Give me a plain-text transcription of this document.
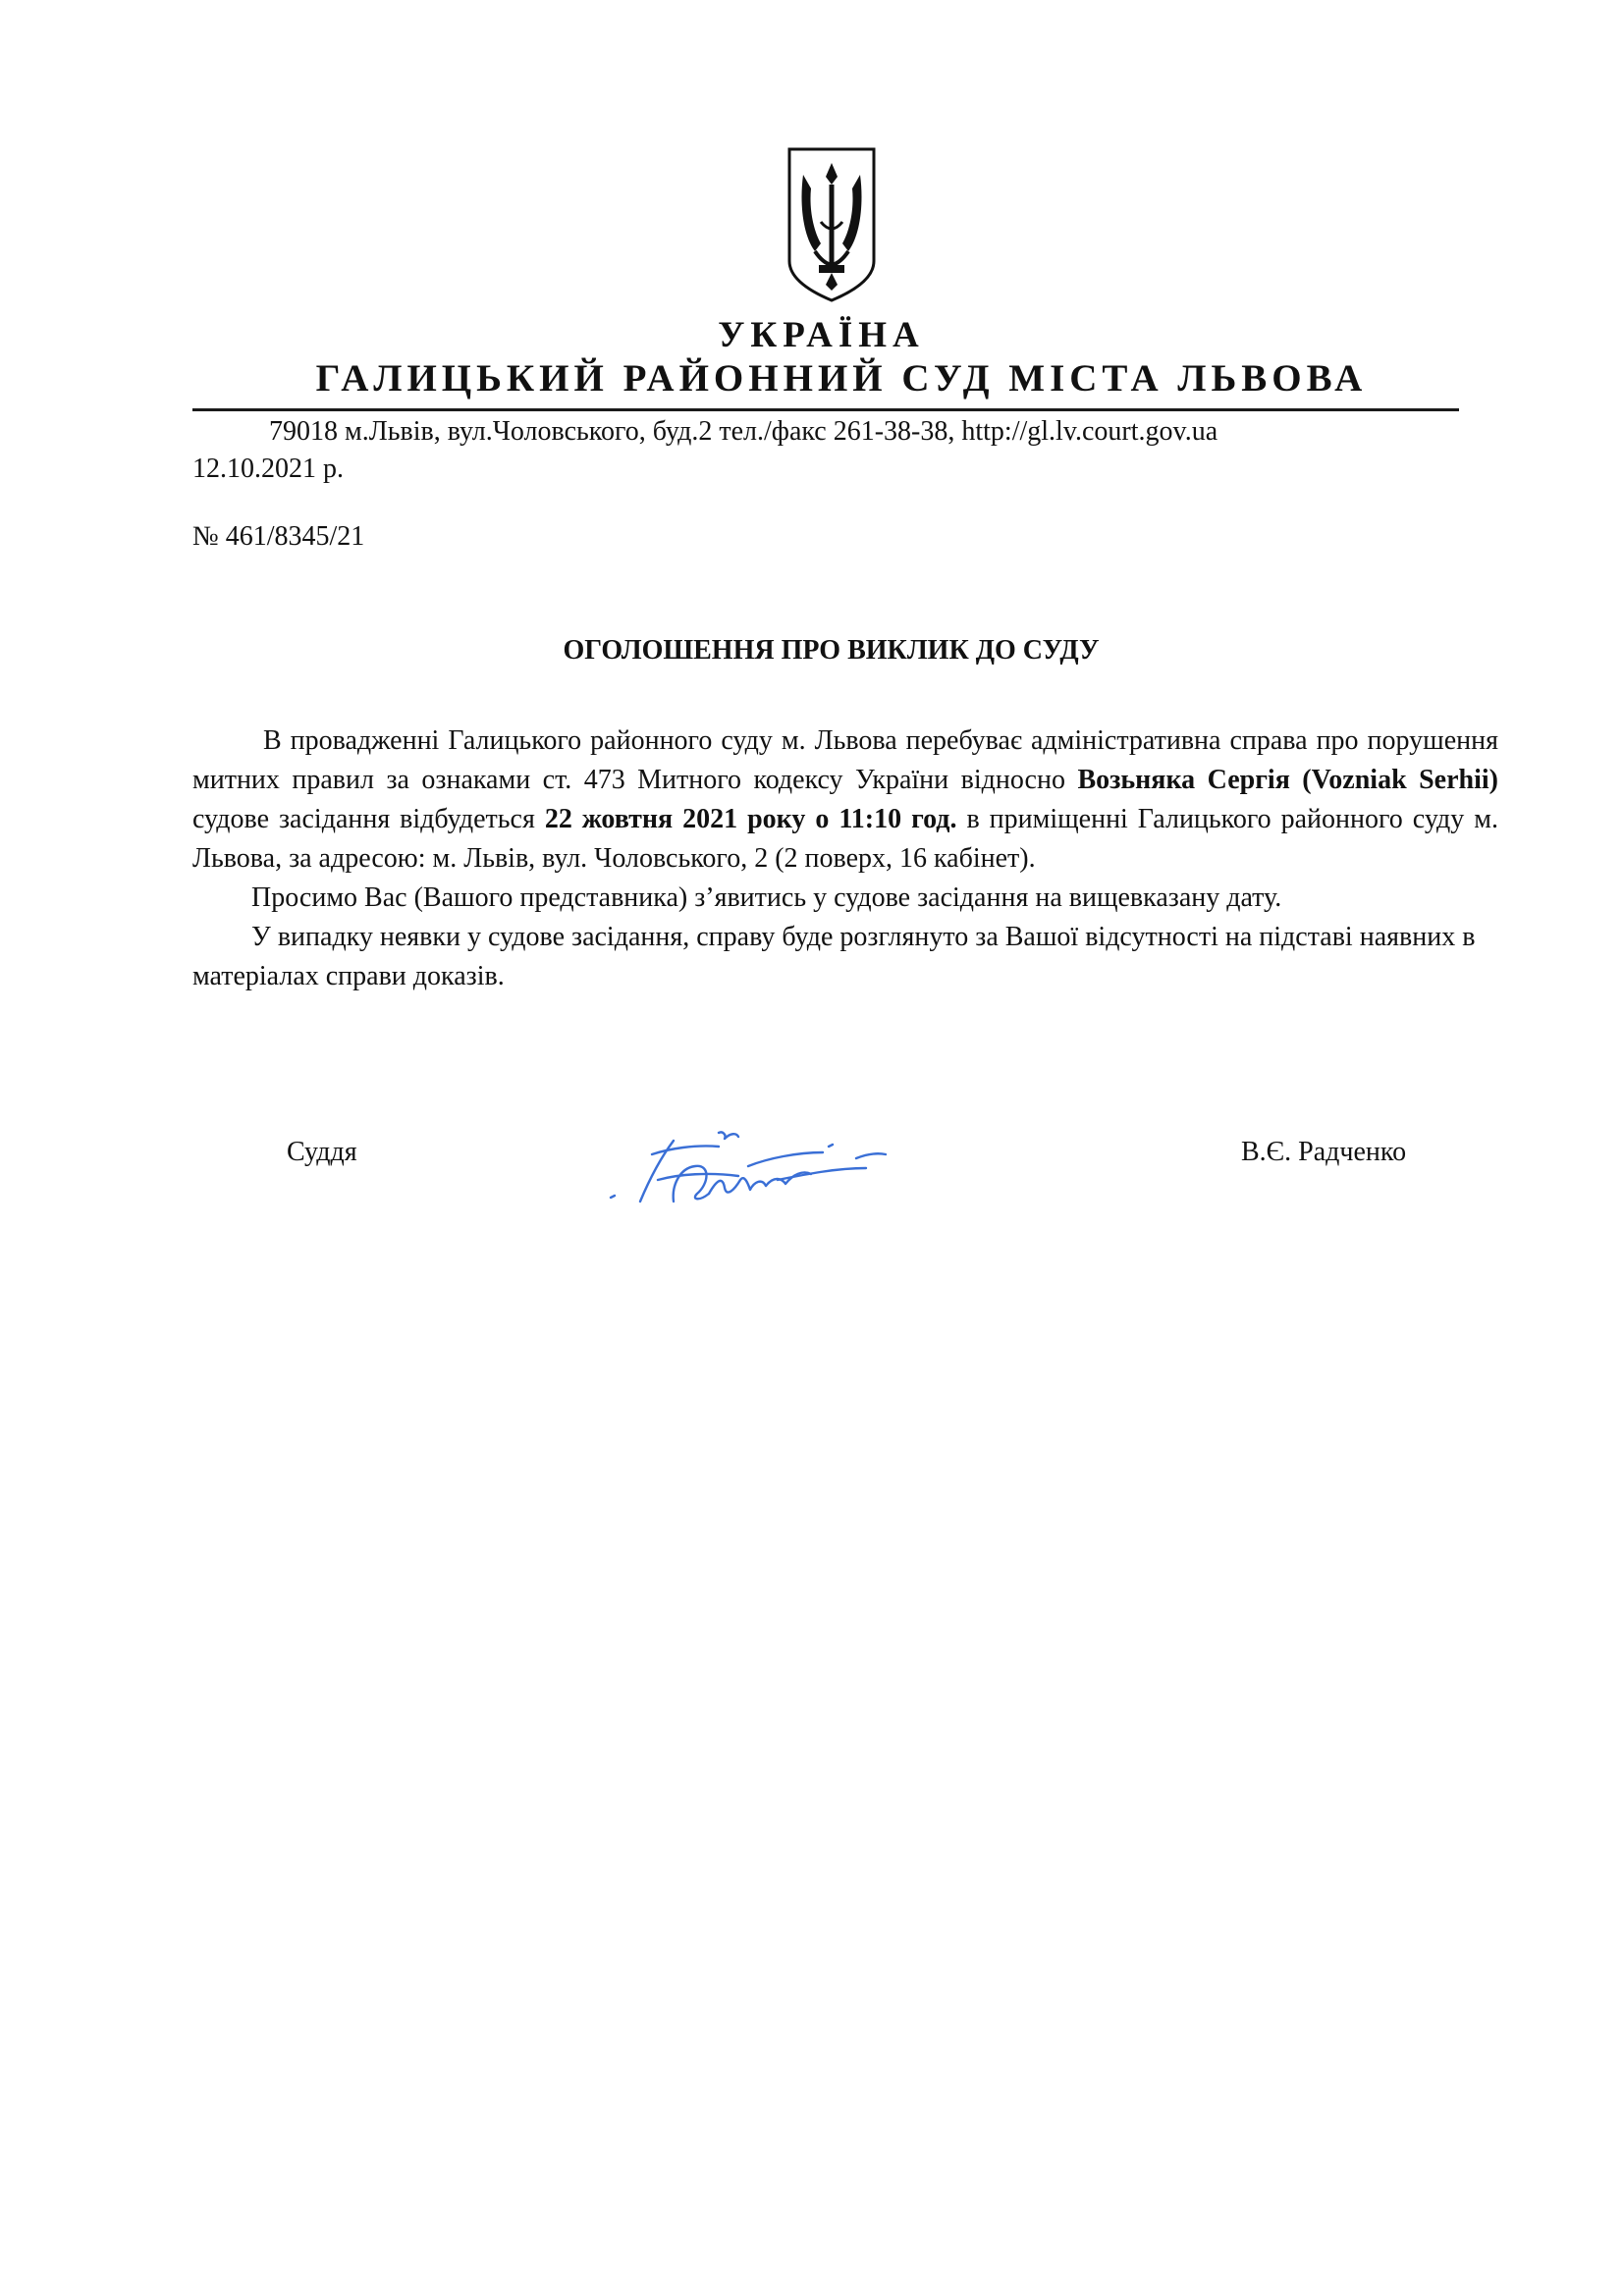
УКРАЇНА
ГАЛИЦЬКИЙ РАЙОННИЙ СУД МІСТА ЛЬВОВА
79018 м.Львів, вул.Чоловського, буд.2 тел./факс 261-38-38, http://gl.lv.court.gov.ua
12.10.2021 р.
№ 461/8345/21
ОГОЛОШЕННЯ ПРО ВИКЛИК ДО СУДУ

В провадженні Галицького районного суду м. Львова перебуває адміністративна справа про порушення митних правил за ознаками ст. 473 Митного кодексу України відносно Возьняка Сергія (Vozniak Serhii) судове засідання відбудеться 22 жовтня 2021 року о 11:10 год. в приміщенні Галицького районного суду м. Львова, за адресою: м. Львів, вул. Чоловського, 2 (2 поверх, 16 кабінет).

Просимо Вас (Вашого представника) з’явитись у судове засідання на вищевказану дату.

У випадку неявки у судове засідання, справу буде розглянуто за Вашої відсутності на підставі наявних в матеріалах справи доказів.

Суддя	В.Є. Радченко
